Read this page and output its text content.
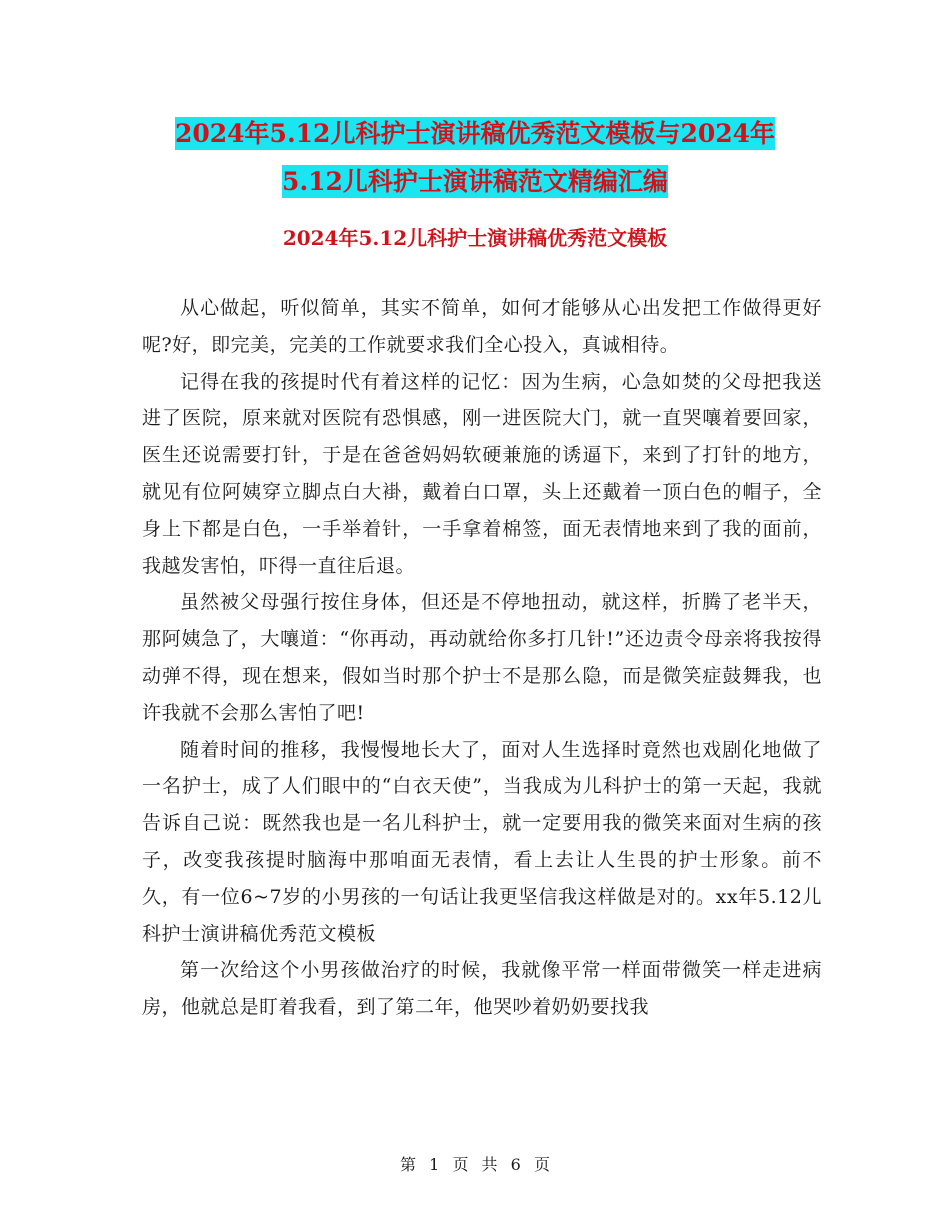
2024年5.12儿科护士演讲稿优秀范文模板与2024年
5.12儿科护士演讲稿范文精编汇编
2024年5.12儿科护士演讲稿优秀范文模板

从心做起，听似简单，其实不简单，如何才能够从心出发把工作做得更好呢?好，即完美，完美的工作就要求我们全心投入，真诚相待。

记得在我的孩提时代有着这样的记忆：因为生病，心急如焚的父母把我送进了医院，原来就对医院有恐惧感，刚一进医院大门，就一直哭嚷着要回家，医生还说需要打针，于是在爸爸妈妈软硬兼施的诱逼下，来到了打针的地方，就见有位阿姨穿立脚点白大褂，戴着白口罩，头上还戴着一顶白色的帽子，全身上下都是白色，一手举着针，一手拿着棉签，面无表情地来到了我的面前，我越发害怕，吓得一直往后退。

虽然被父母强行按住身体，但还是不停地扭动，就这样，折腾了老半天，那阿姨急了，大嚷道：“你再动，再动就给你多打几针!”还边责令母亲将我按得动弹不得，现在想来，假如当时那个护士不是那么隐，而是微笑症鼓舞我，也许我就不会那么害怕了吧!

随着时间的推移，我慢慢地长大了，面对人生选择时竟然也戏剧化地做了一名护士，成了人们眼中的“白衣天使”，当我成为儿科护士的第一天起，我就告诉自己说：既然我也是一名儿科护士，就一定要用我的微笑来面对生病的孩子，改变我孩提时脑海中那咱面无表情，看上去让人生畏的护士形象。前不久，有一位6~7岁的小男孩的一句话让我更坚信我这样做是对的。xx年5.12儿科护士演讲稿优秀范文模板

第一次给这个小男孩做治疗的时候，我就像平常一样面带微笑一样走进病房，他就总是盯着我看，到了第二年，他哭吵着奶奶要找我

第 1 页 共 6 页
